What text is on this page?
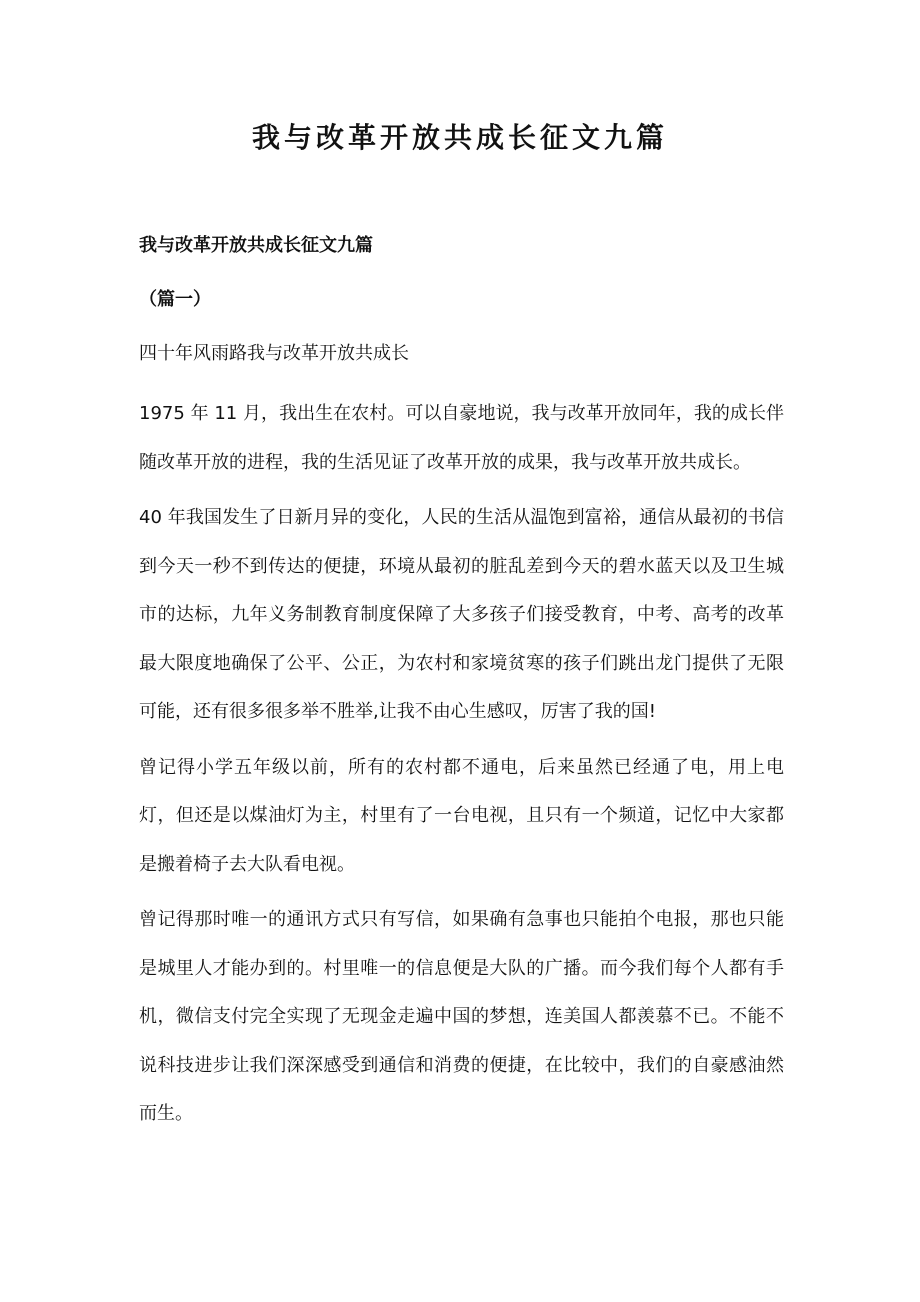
我与改革开放共成长征文九篇

我与改革开放共成长征文九篇

（篇一）

四十年风雨路我与改革开放共成长

1975 年 11 月，我出生在农村。可以自豪地说，我与改革开放同年，我的成长伴随改革开放的进程，我的生活见证了改革开放的成果，我与改革开放共成长。

40 年我国发生了日新月异的变化，人民的生活从温饱到富裕，通信从最初的书信到今天一秒不到传达的便捷，环境从最初的脏乱差到今天的碧水蓝天以及卫生城市的达标，九年义务制教育制度保障了大多孩子们接受教育，中考、高考的改革最大限度地确保了公平、公正，为农村和家境贫寒的孩子们跳出龙门提供了无限可能，还有很多很多举不胜举,让我不由心生感叹，厉害了我的国!

曾记得小学五年级以前，所有的农村都不通电，后来虽然已经通了电，用上电灯，但还是以煤油灯为主，村里有了一台电视，且只有一个频道，记忆中大家都是搬着椅子去大队看电视。

曾记得那时唯一的通讯方式只有写信，如果确有急事也只能拍个电报，那也只能是城里人才能办到的。村里唯一的信息便是大队的广播。而今我们每个人都有手机，微信支付完全实现了无现金走遍中国的梦想，连美国人都羡慕不已。不能不说科技进步让我们深深感受到通信和消费的便捷，在比较中，我们的自豪感油然而生。
